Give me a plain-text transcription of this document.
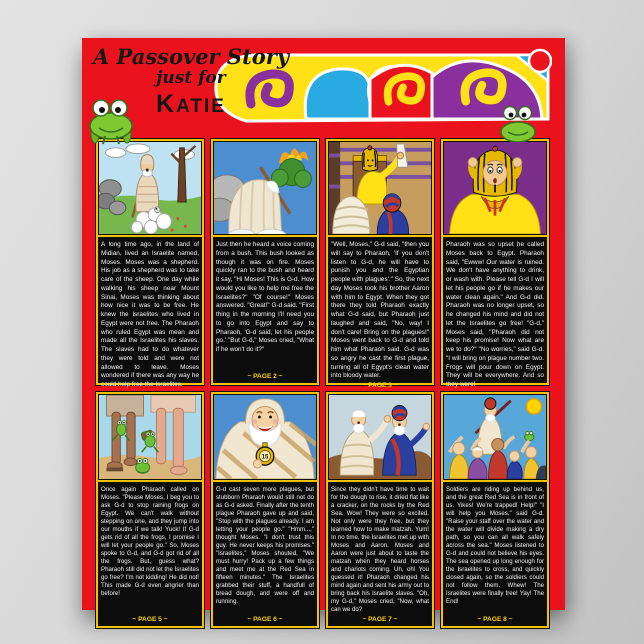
A Passover Story
just for
KATIE
A long time ago, in the land of Midian, lived an Israelite named, Moses. Moses was a shepherd. His job as a shepherd was to take care of the sheep. One day while walking his sheep near Mount Sinai, Moses was thinking about how nice it was to be free. He knew the Israelites who lived in Egypt were not free. The Pharaoh who ruled Egypt was mean and made all the Israelites his slaves. The slaves had to do whatever they were told and were not allowed to leave. Moses wondered if there was any way he could help free the Israelites.
Just then he heard a voice coming from a bush. This bush looked as though it was on fire. Moses quickly ran to the bush and heard it say, "Hi Moses! This is G-d. How would you like to help me free the Israelites?" "Of course!" Moses answered. "Great!" G-d said. "First thing in the morning I'll need you to go into Egypt and say to Pharaoh, 'G-d said, let his people go.' "But G-d," Moses cried, "What if he won't do it?"
~ PAGE 2 ~
"Well, Moses," G-d said, "then you will say to Pharaoh, 'If you don't listen to G-d, he will have to punish you and the Egyptian people with plagues'." So, the next day Moses took his brother Aaron with him to Egypt. When they got there they told Pharaoh exactly what G-d said, but Pharaoh just laughed and said, "No, way! I don't care! Bring on the plagues!" Moses went back to G-d and told him what Pharaoh said. G-d was so angry he cast the first plague, turning all of Egypt's clean water into bloody water.
~ PAGE 3 ~
Pharaoh was so upset he called Moses back to Egypt. Pharaoh said, "Ewww! Our water is ruined. We don't have anything to drink, or wash with. Please tell G-d I will let his people go if he makes our water clean again." And G-d did. Pharaoh was no longer upset, so he changed his mind and did not let the Israelites go free! "G-d," Moses said, "Pharaoh did not keep his promise! Now what are we to do?" "No worries," said G-d. "I will bring on plague number two. Frogs will pour down on Egypt. They will be everywhere. And so they were!
Once again Pharaoh called on Moses. "Please Moses, I beg you to ask G-d to stop raining frogs on Egypt. We can't walk without stepping on one, and they jump into our mouths if we talk! Yuck! If G-d gets rid of all the frogs, I promise I will let your people go." So, Moses spoke to G-d, and G-d got rid of all the frogs. But, guess what? Pharaoh still did not let the Israelites go free? I'm not kidding! He did not! This made G-d even angrier than before!
~ PAGE 5 ~
15
G-d cast seven more plagues, but stubborn Pharaoh would still not do as G-d asked. Finally after the tenth plague Pharaoh gave up and said, "Stop with the plagues already. I am letting your people go." "Hmm...," thought Moses. "I don't trust this guy. He never keeps his promises." "Israelites," Moses shouted, "We must hurry! Pack up a few things and meet me at the Red Sea in fifteen minutes." The Israelites grabbed their stuff, a handfull of bread dough, and were off and running.
~ PAGE 6 ~
Since they didn't have time to wait for the dough to rise, it dried flat like a cracker, on the rocks by the Red Sea. Wow! They were so excited. Not only were they free, but they learned how to make matzah. Yum! In no time, the Israelites met up with Moses and Aaron. Moses and Aaron were just about to taste the matzah when they heard horses and chariots coming. Uh, oh! You guessed it! Pharaoh changed his mind again and sent his army out to bring back his Israelite slaves. "Oh, my G-d," Moses cried, "Now, what can we do?
~ PAGE 7 ~
Soldiers are riding up behind us, and the great Red Sea is in front of us. Yikes! We're trapped! Help!" "I will help you Moses," said G-d. "Raise your staff over the water and the water will divide making a dry path, so you can all walk safely across the sea." Moses listened to G-d and could not believe his eyes. The sea opened up long enough for the Israelites to cross, and quickly closed again, so the soldiers could not follow them. Whew! The Israelites were finally free! Yay! The End!
~ PAGE 8 ~
